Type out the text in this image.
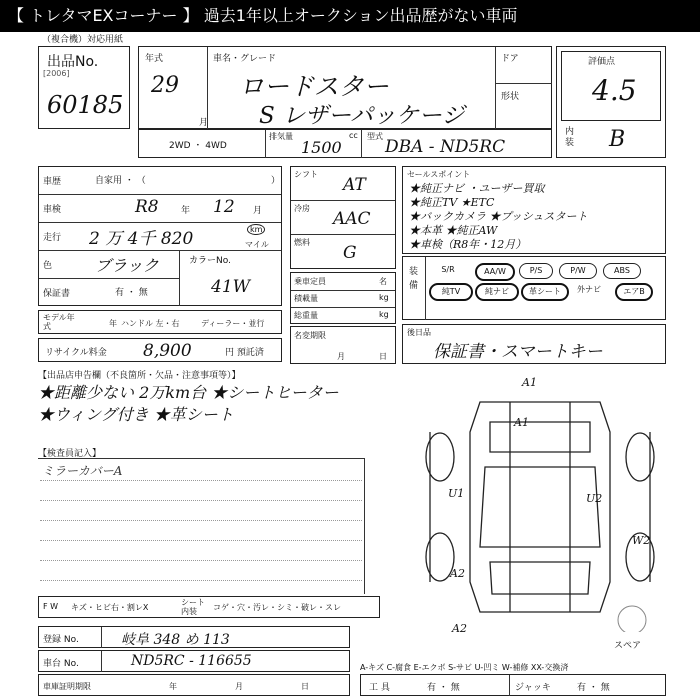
【 トレタマEXコーナー 】 過去1年以上オークション出品歴がない車両
（複合機）対応用紙
出品No.
[2006]
60185
年式
29
月
車名・グレード
ロードスター
S レザーパッケージ
ドア
形状
評価点
4.5
内装 B
2WD ・ 4WD
排気量	cc
1500
型式
DBA - ND5RC
車歴	自家用 ・ （	）
車検	R8 年 12 月
走行 2 万 4千 820	km
マイル
色	ブラック	カラーNo.
41W
保証書	有 ・ 無
モデル年式	年 ハンドル 左・右	ディーラー・並行
リサイクル料金 8,900	円 預託済
シフト
AT
冷房
AAC
燃料
G
乗車定員	名
積載量	kg
総重量	kg
名変期限
月	日
セールスポイント
★純正ナビ ・ユーザー買取
★純正TV ★ETC
★バックカメラ ★プッシュスタート
★本革 ★純正AW
★車検（R8年・12月）
装備
S/R	AA/W	P/S	P/W	ABS
純TV	純ナビ	革シート	外ナビ	エアB
後日品
保証書・スマートキー
【出品店申告欄（不良箇所・欠品・注意事項等）】
★距離少ない 2万km台 ★シートヒーター
★ウィング付き ★革シート
【検査員記入】
ミラーカバーA
A1
A1
U1	U2
W2
A2
A2
スペア
F W キズ・ヒビ右・割レX
シート内装	コゲ・穴・汚レ・シミ・破レ・スレ
登録 No.	岐阜 348 め 113
車台 No.	ND5RC - 116655
車庫証明期限	年	月	日
A-キズ C-腐食 E-エクボ S-サビ U-凹ミ W-補修 XX-交換済
工 具	有 ・ 無	ジャッキ	有 ・ 無
